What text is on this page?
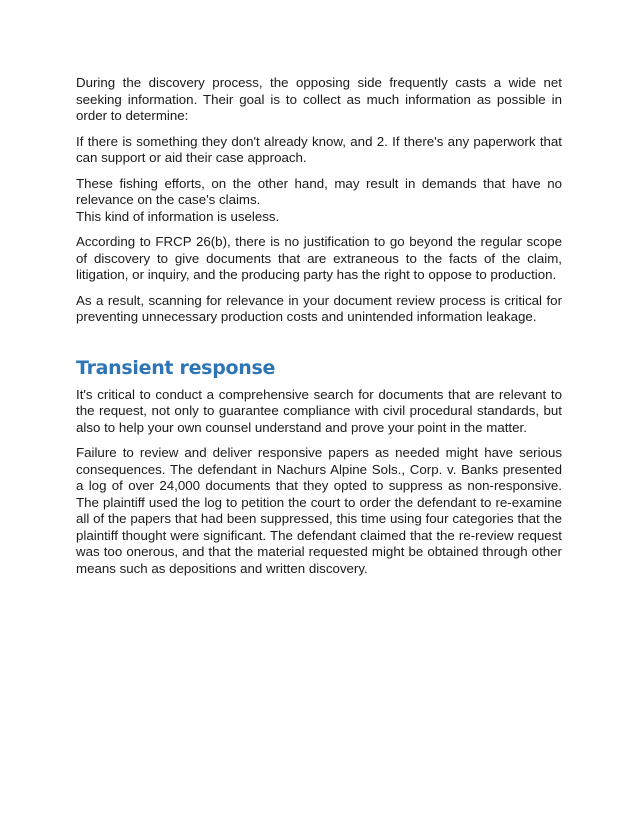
During the discovery process, the opposing side frequently casts a wide net seeking information. Their goal is to collect as much information as possible in order to determine:

If there is something they don't already know, and 2. If there's any paperwork that can support or aid their case approach.

These fishing efforts, on the other hand, may result in demands that have no relevance on the case's claims.
This kind of information is useless.

According to FRCP 26(b), there is no justification to go beyond the regular scope of discovery to give documents that are extraneous to the facts of the claim, litigation, or inquiry, and the producing party has the right to oppose to production.

As a result, scanning for relevance in your document review process is critical for preventing unnecessary production costs and unintended information leakage.

Transient response

It's critical to conduct a comprehensive search for documents that are relevant to the request, not only to guarantee compliance with civil procedural standards, but also to help your own counsel understand and prove your point in the matter.

Failure to review and deliver responsive papers as needed might have serious consequences. The defendant in Nachurs Alpine Sols., Corp. v. Banks presented a log of over 24,000 documents that they opted to suppress as non-responsive. The plaintiff used the log to petition the court to order the defendant to re-examine all of the papers that had been suppressed, this time using four categories that the plaintiff thought were significant. The defendant claimed that the re-review request was too onerous, and that the material requested might be obtained through other means such as depositions and written discovery.
